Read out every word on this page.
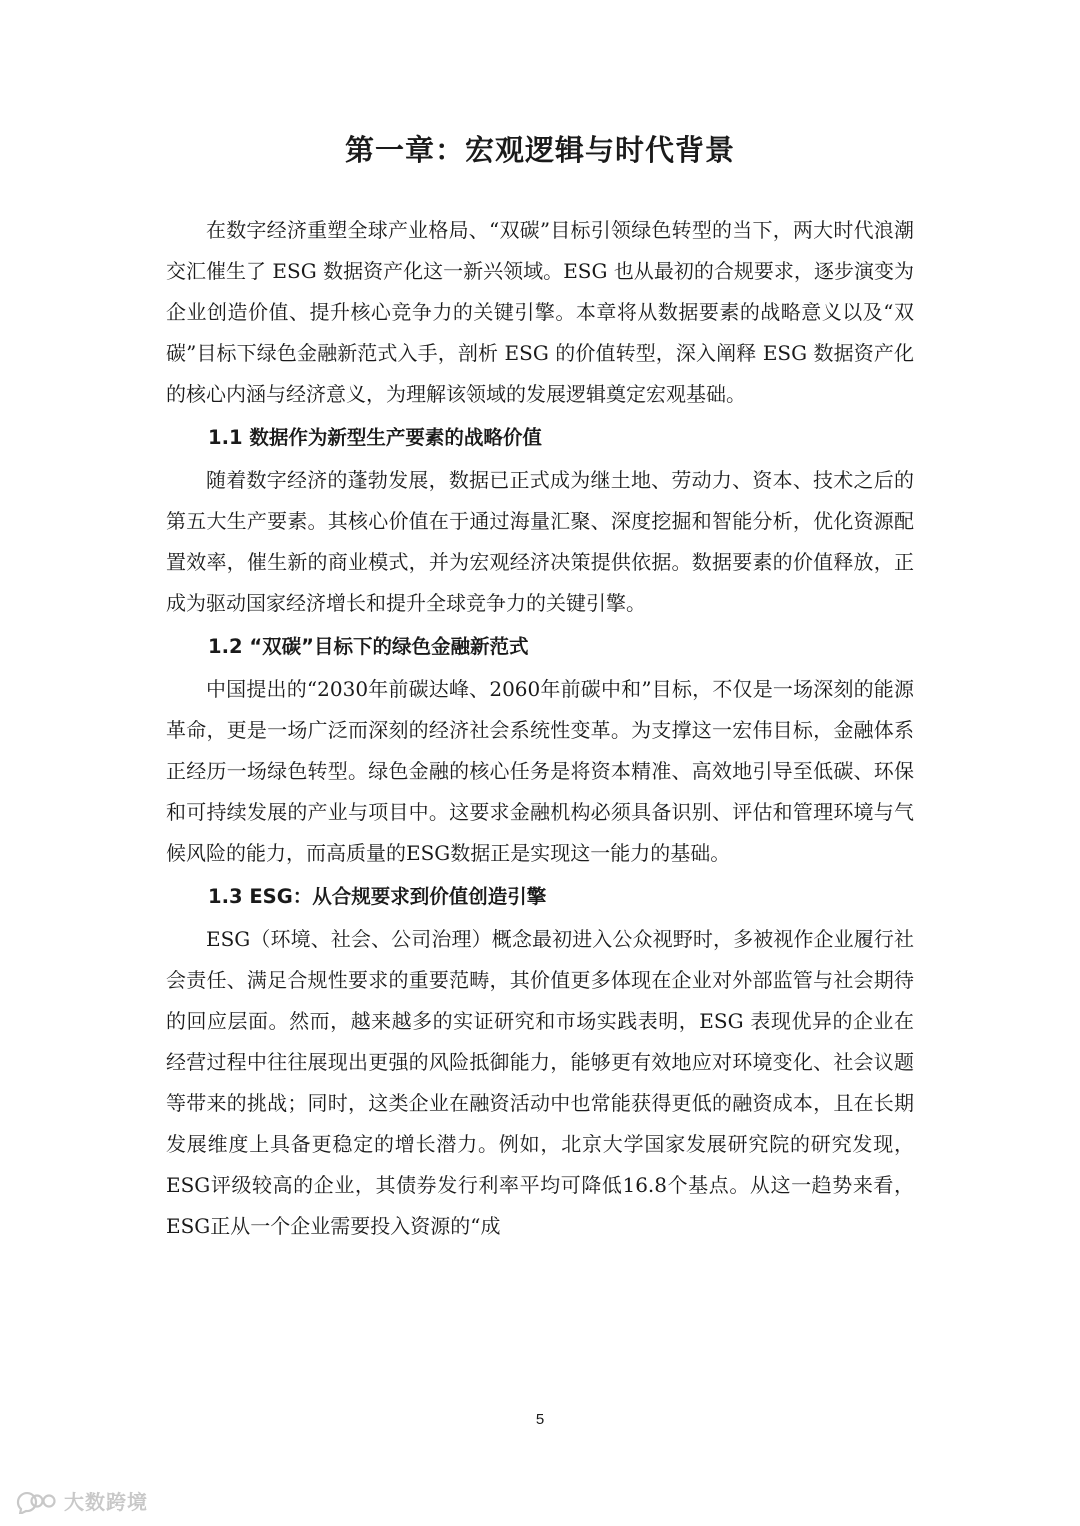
第一章：宏观逻辑与时代背景

在数字经济重塑全球产业格局、“双碳”目标引领绿色转型的当下，两大时代浪潮交汇催生了 ESG 数据资产化这一新兴领域。ESG 也从最初的合规要求，逐步演变为企业创造价值、提升核心竞争力的关键引擎。本章将从数据要素的战略意义以及“双碳”目标下绿色金融新范式入手，剖析 ESG 的价值转型，深入阐释 ESG 数据资产化的核心内涵与经济意义，为理解该领域的发展逻辑奠定宏观基础。

1.1 数据作为新型生产要素的战略价值

随着数字经济的蓬勃发展，数据已正式成为继土地、劳动力、资本、技术之后的第五大生产要素。其核心价值在于通过海量汇聚、深度挖掘和智能分析，优化资源配置效率，催生新的商业模式，并为宏观经济决策提供依据。数据要素的价值释放，正成为驱动国家经济增长和提升全球竞争力的关键引擎。

1.2 “双碳”目标下的绿色金融新范式

中国提出的“2030年前碳达峰、2060年前碳中和”目标，不仅是一场深刻的能源革命，更是一场广泛而深刻的经济社会系统性变革。为支撑这一宏伟目标，金融体系正经历一场绿色转型。绿色金融的核心任务是将资本精准、高效地引导至低碳、环保和可持续发展的产业与项目中。这要求金融机构必须具备识别、评估和管理环境与气候风险的能力，而高质量的ESG数据正是实现这一能力的基础。

1.3 ESG：从合规要求到价值创造引擎

ESG（环境、社会、公司治理）概念最初进入公众视野时，多被视作企业履行社会责任、满足合规性要求的重要范畴，其价值更多体现在企业对外部监管与社会期待的回应层面。然而，越来越多的实证研究和市场实践表明，ESG 表现优异的企业在经营过程中往往展现出更强的风险抵御能力，能够更有效地应对环境变化、社会议题等带来的挑战；同时，这类企业在融资活动中也常能获得更低的融资成本，且在长期发展维度上具备更稳定的增长潜力。例如，北京大学国家发展研究院的研究发现，ESG评级较高的企业，其债券发行利率平均可降低16.8个基点。从这一趋势来看，ESG正从一个企业需要投入资源的“成

5
大数跨境
